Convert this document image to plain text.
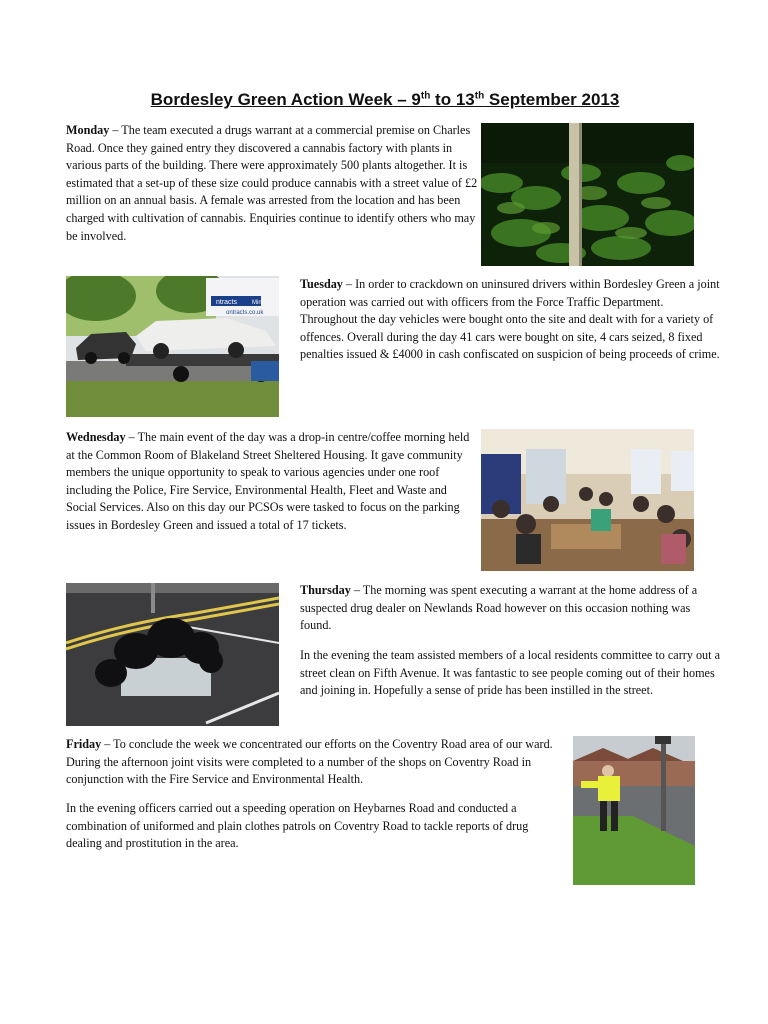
Bordesley Green Action Week – 9th to 13th September 2013

Monday – The team executed a drugs warrant at a commercial premise on Charles Road. Once they gained entry they discovered a cannabis factory with plants in various parts of the building. There were approximately 500 plants altogether. It is estimated that a set-up of these size could produce cannabis with a street value of £2 million on an annual basis. A female was arrested from the location and has been charged with cultivation of cannabis. Enquiries continue to identify others who may be involved.

ntracts Mini
ontracts.co.uk

Tuesday – In order to crackdown on uninsured drivers within Bordesley Green a joint operation was carried out with officers from the Force Traffic Department. Throughout the day vehicles were bought onto the site and dealt with for a variety of offences. Overall during the day 41 cars were bought on site, 4 cars seized, 8 fixed penalties issued & £4000 in cash confiscated on suspicion of being proceeds of crime.

Wednesday – The main event of the day was a drop-in centre/coffee morning held at the Common Room of Blakeland Street Sheltered Housing. It gave community members the unique opportunity to speak to various agencies under one roof including the Police, Fire Service, Environmental Health, Fleet and Waste and Social Services. Also on this day our PCSOs were tasked to focus on the parking issues in Bordesley Green and issued a total of 17 tickets.

Thursday – The morning was spent executing a warrant at the home address of a suspected drug dealer on Newlands Road however on this occasion nothing was found.

In the evening the team assisted members of a local residents committee to carry out a street clean on Fifth Avenue. It was fantastic to see people coming out of their homes and joining in. Hopefully a sense of pride has been instilled in the street.

Friday – To conclude the week we concentrated our efforts on the Coventry Road area of our ward. During the afternoon joint visits were completed to a number of the shops on Coventry Road in conjunction with the Fire Service and Environmental Health.

In the evening officers carried out a speeding operation on Heybarnes Road and conducted a combination of uniformed and plain clothes patrols on Coventry Road to tackle reports of drug dealing and prostitution in the area.
